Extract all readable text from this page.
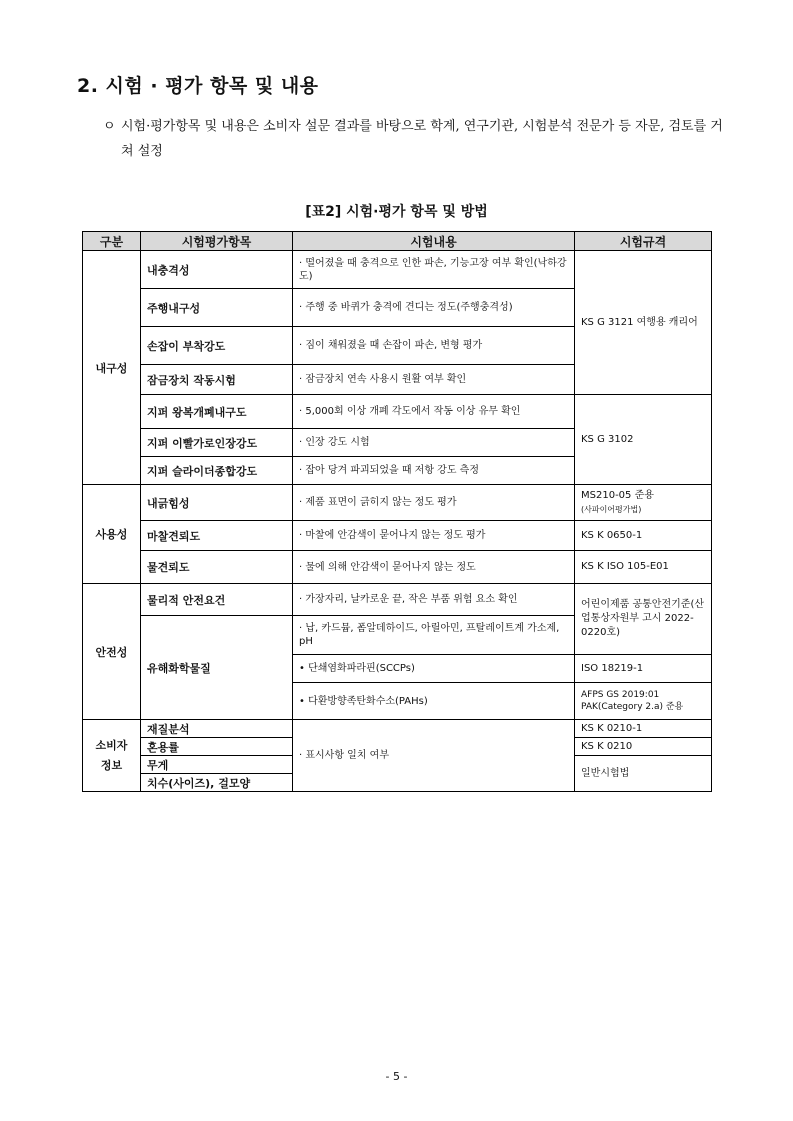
2. 시험 · 평가 항목 및 내용
ㅇ 시험·평가항목 및 내용은 소비자 설문 결과를 바탕으로 학계, 연구기관, 시험분석 전문가 등 자문, 검토를 거쳐 설정
[표2] 시험·평가 항목 및 방법
구분	시험평가항목	시험내용	시험규격
내구성	내충격성	· 떨어졌을 때 충격으로 인한 파손, 기능고장 여부 확인(낙하강도)	KS G 3121 여행용 캐리어
	주행내구성	· 주행 중 바퀴가 충격에 견디는 정도(주행충격성)	
	손잡이 부착강도	· 짐이 채워졌을 때 손잡이 파손, 변형 평가	
	잠금장치 작동시험	· 잠금장치 연속 사용시 원활 여부 확인	
	지퍼 왕복개폐내구도	· 5,000회 이상 개폐 각도에서 작동 이상 유무 확인	KS G 3102
	지퍼 이빨가로인장강도	· 인장 강도 시험	
	지퍼 슬라이더종합강도	· 잡아 당겨 파괴되었을 때 저항 강도 측정	
사용성	내긁힘성	· 제품 표면이 긁히지 않는 정도 평가	MS210-05 준용
(사파이어평가법)

	마찰견뢰도	· 마찰에 안감색이 묻어나지 않는 정도 평가	KS K 0650-1
	물견뢰도	· 물에 의해 안감색이 묻어나지 않는 정도	KS K ISO 105-E01
안전성	물리적 안전요건	· 가장자리, 날카로운 끝, 작은 부품 위험 요소 확인	어린이제품 공통안전기준(산업통상자원부 고시 2022-0220호)
	유해화학물질	· 납, 카드뮴, 폼알데하이드, 아릴아민, 프탈레이트계 가소제, pH	
		• 단쇄염화파라핀(SCCPs)	ISO 18219-1
		• 다환방향족탄화수소(PAHs)	AFPS GS 2019:01
PAK(Category 2.a) 준용

소비자 정보	재질분석	· 표시사항 일치 여부	KS K 0210-1
	혼용률		KS K 0210
	무게		일반시험법
	치수(사이즈), 걸모양		
- 5 -
